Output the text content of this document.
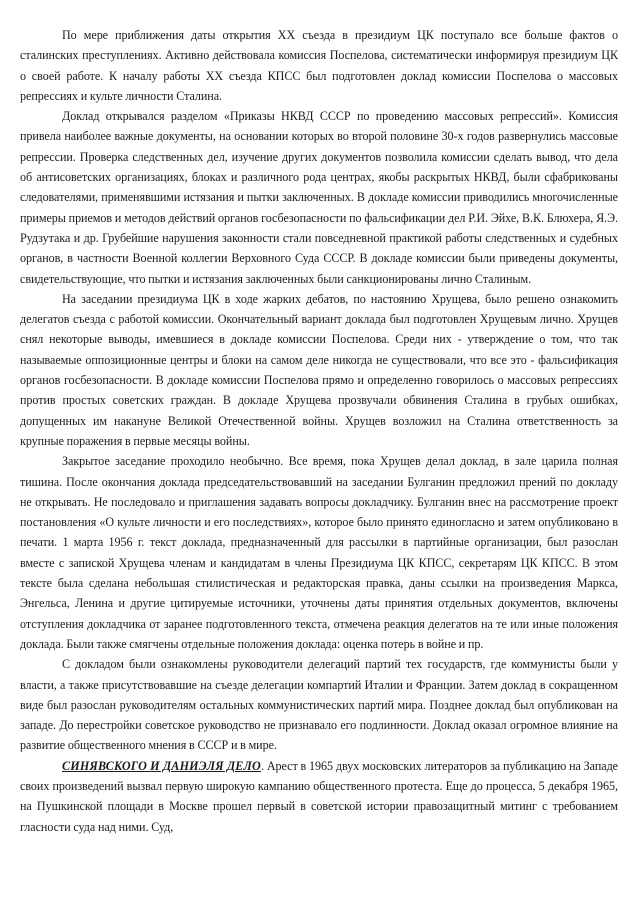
По мере приближения даты открытия ХХ съезда в президиум ЦК поступало все больше фактов о сталинских преступлениях. Активно действовала комиссия Поспелова, систематически информируя президиум ЦК о своей работе. К началу работы ХХ съезда КПСС был подготовлен доклад комиссии Поспелова о массовых репрессиях и культе личности Сталина.

Доклад открывался разделом «Приказы НКВД СССР по проведению массовых репрессий». Комиссия привела наиболее важные документы, на основании которых во второй половине 30-х годов развернулись массовые репрессии. Проверка следственных дел, изучение других документов позволила комиссии сделать вывод, что дела об антисоветских организациях, блоках и различного рода центрах, якобы раскрытых НКВД, были сфабрикованы следователями, применявшими истязания и пытки заключенных. В докладе комиссии приводились многочисленные примеры приемов и методов действий органов госбезопасности по фальсификации дел Р.И. Эйхе, В.К. Блюхера, Я.Э. Рудзутака и др. Грубейшие нарушения законности стали повседневной практикой работы следственных и судебных органов, в частности Военной коллегии Верховного Суда СССР. В докладе комиссии были приведены документы, свидетельствующие, что пытки и истязания заключенных были санкционированы лично Сталиным.

На заседании президиума ЦК в ходе жарких дебатов, по настоянию Хрущева, было решено ознакомить делегатов съезда с работой комиссии. Окончательный вариант доклада был подготовлен Хрущевым лично. Хрущев снял некоторые выводы, имевшиеся в докладе комиссии Поспелова. Среди них - утверждение о том, что так называемые оппозиционные центры и блоки на самом деле никогда не существовали, что все это - фальсификация органов госбезопасности. В докладе комиссии Поспелова прямо и определенно говорилось о массовых репрессиях против простых советских граждан. В докладе Хрущева прозвучали обвинения Сталина в грубых ошибках, допущенных им накануне Великой Отечественной войны. Хрущев возложил на Сталина ответственность за крупные поражения в первые месяцы войны.

Закрытое заседание проходило необычно. Все время, пока Хрущев делал доклад, в зале царила полная тишина. После окончания доклада председательствовавший на заседании Булганин предложил прений по докладу не открывать. Не последовало и приглашения задавать вопросы докладчику. Булганин внес на рассмотрение проект постановления «О культе личности и его последствиях», которое было принято единогласно и затем опубликовано в печати. 1 марта 1956 г. текст доклада, предназначенный для рассылки в партийные организации, был разослан вместе с запиской Хрущева членам и кандидатам в члены Президиума ЦК КПСС, секретарям ЦК КПСС. В этом тексте была сделана небольшая стилистическая и редакторская правка, даны ссылки на произведения Маркса, Энгельса, Ленина и другие цитируемые источники, уточнены даты принятия отдельных документов, включены отступления докладчика от заранее подготовленного текста, отмечена реакция делегатов на те или иные положения доклада. Были также смягчены отдельные положения доклада: оценка потерь в войне и пр.

С докладом были ознакомлены руководители делегаций партий тех государств, где коммунисты были у власти, а также присутствовавшие на съезде делегации компартий Италии и Франции. Затем доклад в сокращенном виде был разослан руководителям остальных коммунистических партий мира. Позднее доклад был опубликован на западе. До перестройки советское руководство не признавало его подлинности. Доклад оказал огромное влияние на развитие общественного мнения в СССР и в мире.

СИНЯВСКОГО И ДАНИЭЛЯ ДЕЛО. Арест в 1965 двух московских литераторов за публикацию на Западе своих произведений вызвал первую широкую кампанию общественного протеста. Еще до процесса, 5 декабря 1965, на Пушкинской площади в Москве прошел первый в советской истории правозащитный митинг с требованием гласности суда над ними. Суд,
